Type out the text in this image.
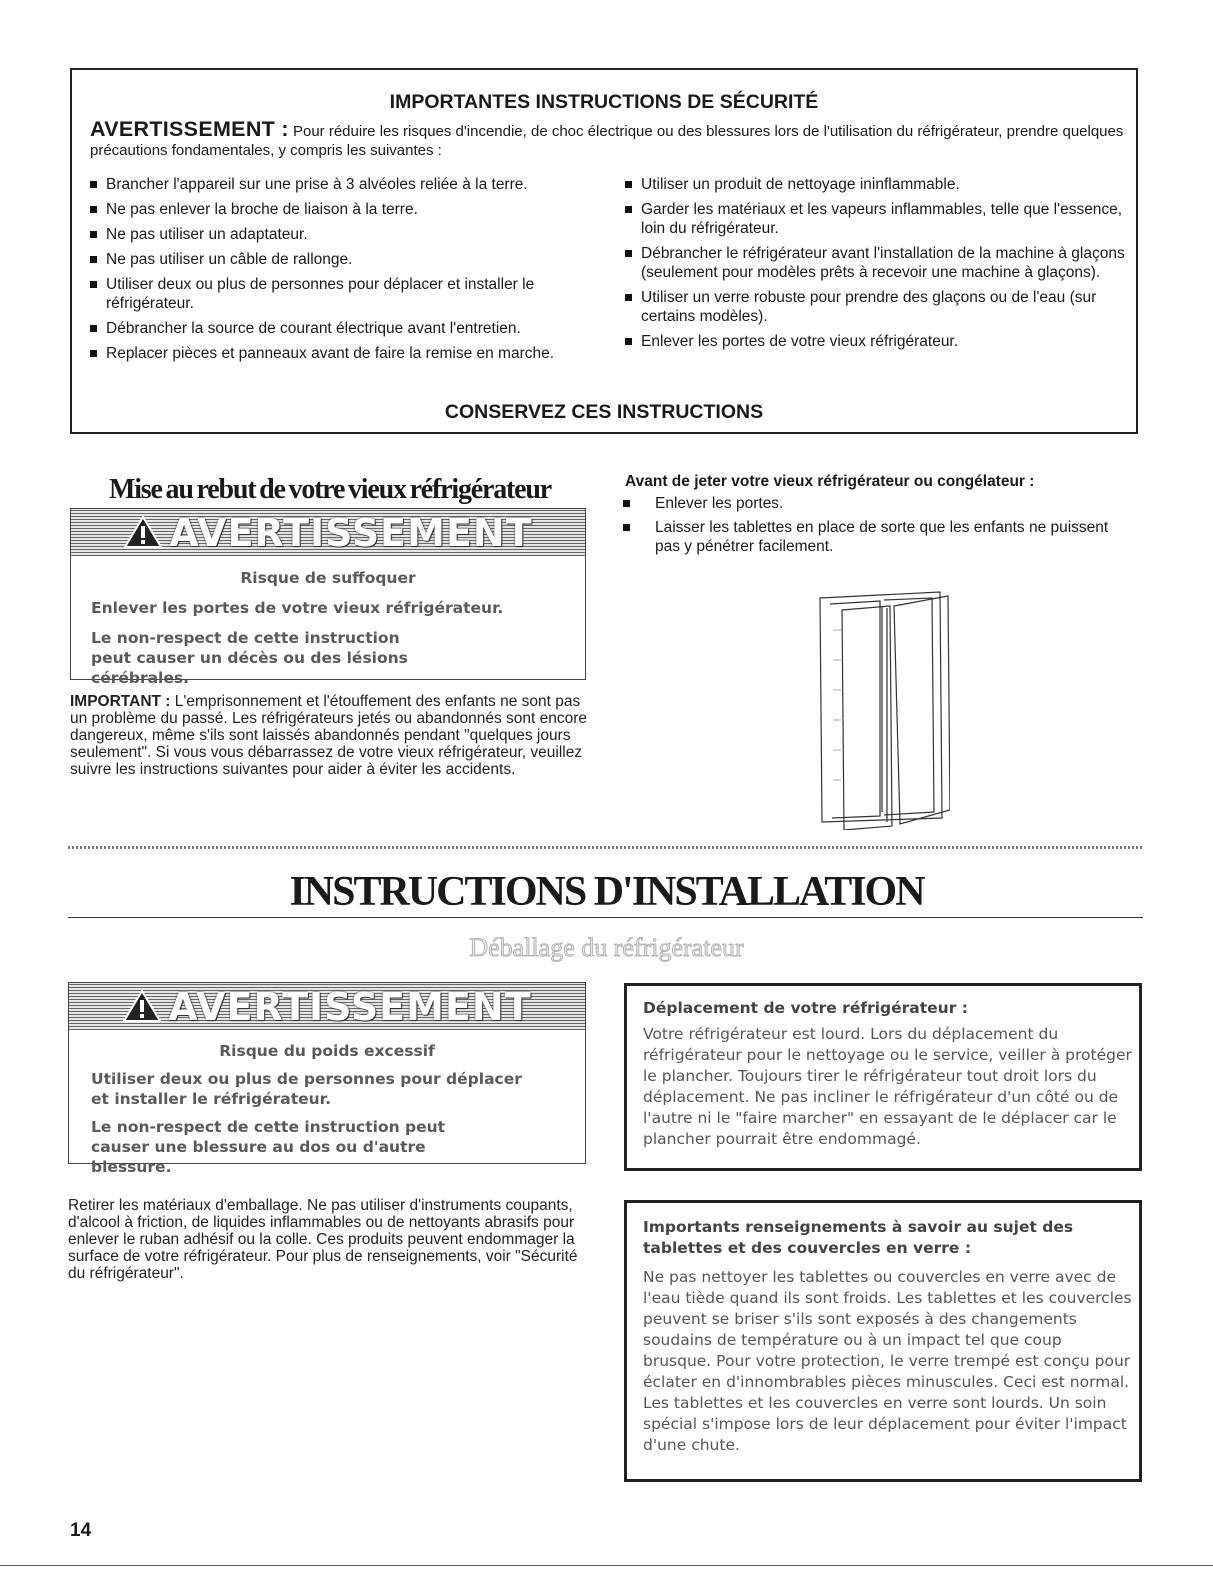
IMPORTANTES INSTRUCTIONS DE SÉCURITÉ
AVERTISSEMENT : Pour réduire les risques d'incendie, de choc électrique ou des blessures lors de l'utilisation du réfrigérateur, prendre quelques précautions fondamentales, y compris les suivantes :
Brancher l'appareil sur une prise à 3 alvéoles reliée à la terre.
Ne pas enlever la broche de liaison à la terre.
Ne pas utiliser un adaptateur.
Ne pas utiliser un câble de rallonge.
Utiliser deux ou plus de personnes pour déplacer et installer le réfrigérateur.
Débrancher la source de courant électrique avant l'entretien.
Replacer pièces et panneaux avant de faire la remise en marche.
Utiliser un produit de nettoyage ininflammable.
Garder les matériaux et les vapeurs inflammables, telle que l'essence, loin du réfrigérateur.
Débrancher le réfrigérateur avant l'installation de la machine à glaçons (seulement pour modèles prêts à recevoir une machine à glaçons).
Utiliser un verre robuste pour prendre des glaçons ou de l'eau (sur certains modèles).
Enlever les portes de votre vieux réfrigérateur.
CONSERVEZ CES INSTRUCTIONS
Mise au rebut de votre vieux réfrigérateur
AVERTISSEMENT
Risque de suffoquer
Enlever les portes de votre vieux réfrigérateur.
Le non-respect de cette instruction peut causer un décès ou des lésions cérébrales.
IMPORTANT : L'emprisonnement et l'étouffement des enfants ne sont pas un problème du passé. Les réfrigérateurs jetés ou abandonnés sont encore dangereux, même s'ils sont laissés abandonnés pendant "quelques jours seulement". Si vous vous débarrassez de votre vieux réfrigérateur, veuillez suivre les instructions suivantes pour aider à éviter les accidents.
Avant de jeter votre vieux réfrigérateur ou congélateur :
Enlever les portes.
Laisser les tablettes en place de sorte que les enfants ne puissent pas y pénétrer facilement.
INSTRUCTIONS D'INSTALLATION
Déballage du réfrigérateur
AVERTISSEMENT
Risque du poids excessif
Utiliser deux ou plus de personnes pour déplacer et installer le réfrigérateur.
Le non-respect de cette instruction peut causer une blessure au dos ou d'autre blessure.
Retirer les matériaux d'emballage. Ne pas utiliser d'instruments coupants, d'alcool à friction, de liquides inflammables ou de nettoyants abrasifs pour enlever le ruban adhésif ou la colle. Ces produits peuvent endommager la surface de votre réfrigérateur. Pour plus de renseignements, voir "Sécurité du réfrigérateur".
Déplacement de votre réfrigérateur :
Votre réfrigérateur est lourd. Lors du déplacement du réfrigérateur pour le nettoyage ou le service, veiller à protéger le plancher. Toujours tirer le réfrigérateur tout droit lors du déplacement. Ne pas incliner le réfrigérateur d'un côté ou de l'autre ni le "faire marcher" en essayant de le déplacer car le plancher pourrait être endommagé.
Importants renseignements à savoir au sujet des tablettes et des couvercles en verre :
Ne pas nettoyer les tablettes ou couvercles en verre avec de l'eau tiède quand ils sont froids. Les tablettes et les couvercles peuvent se briser s'ils sont exposés à des changements soudains de température ou à un impact tel que coup brusque. Pour votre protection, le verre trempé est conçu pour éclater en d'innombrables pièces minuscules. Ceci est normal. Les tablettes et les couvercles en verre sont lourds. Un soin spécial s'impose lors de leur déplacement pour éviter l'impact d'une chute.
14
